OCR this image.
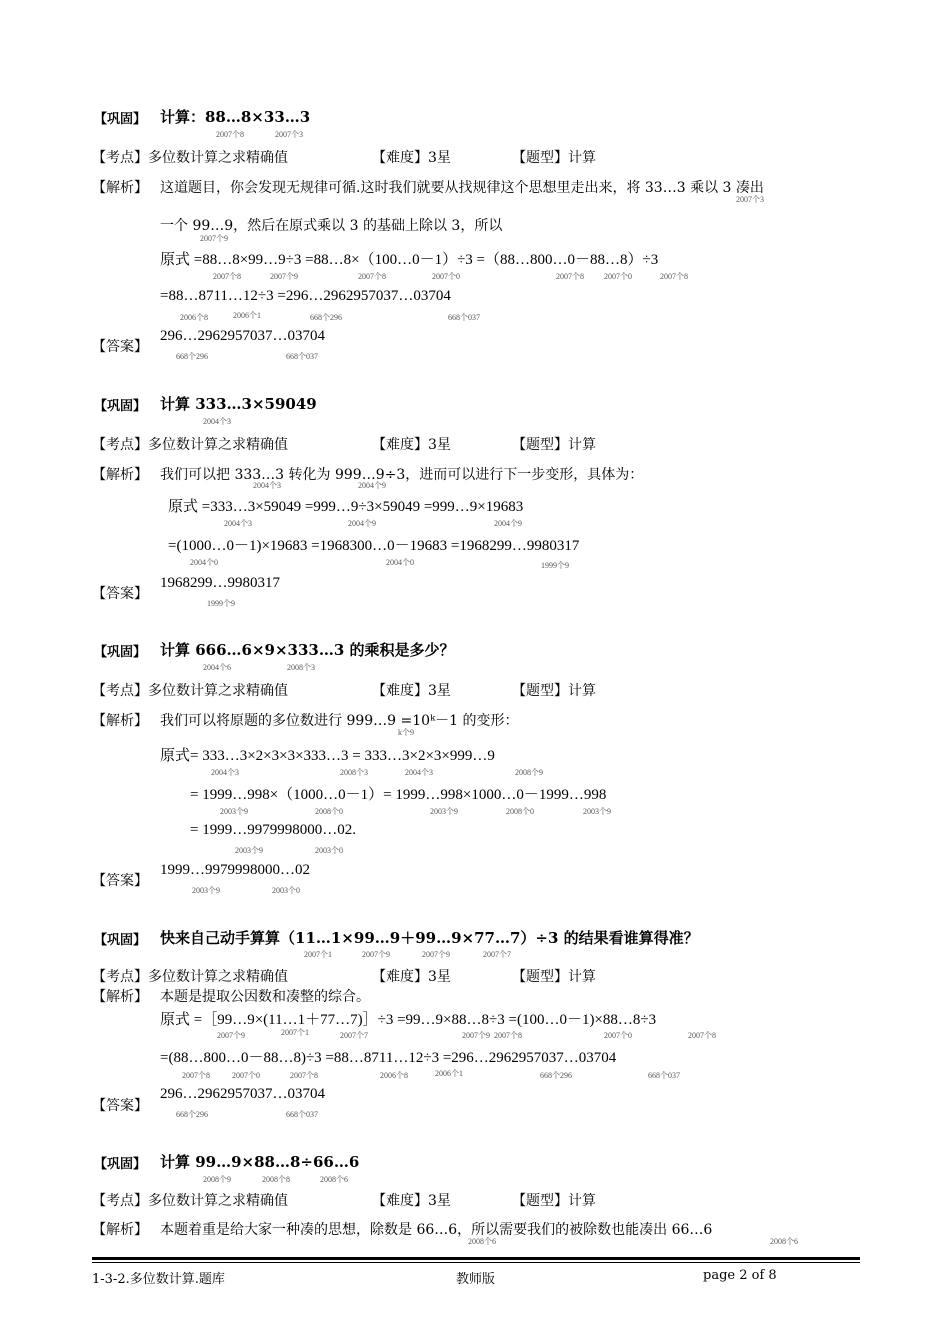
【巩固】 计算：88…8×33…3
2007个8	2007个3
【考点】多位数计算之求精确值	【难度】3星	【题型】计算
【解析】 这道题目，你会发现无规律可循.这时我们就要从找规律这个思想里走出来，将 33…3 乘以 3 凑出
2007个3
一个 99…9，然后在原式乘以 3 的基础上除以 3，所以
2007个9
原式 =88…8×99…9÷3 =88…8×（100…0－1）÷3 =（88…800…0－88…8）÷3
2007个8	2007个9	2007个8	2007个0	2007个8	2007个0	2007个8
=88…8711…12÷3 =296…2962957037…03704
2006个8	2006个1	668个296	668个037
【答案】
296…2962957037…03704
668个296	668个037
【巩固】 计算 333…3×59049
2004个3
【考点】多位数计算之求精确值	【难度】3星	【题型】计算
【解析】 我们可以把 333…3 转化为 999…9÷3，进而可以进行下一步变形，具体为：
2004个3	2004个9
原式 =333…3×59049 =999…9÷3×59049 =999…9×19683
2004个3	2004个9	2004个9
=(1000…0－1)×19683 =1968300…0－19683 =1968299…9980317
2004个0	2004个0	1999个9
【答案】
1968299…9980317
1999个9
【巩固】 计算 666…6×9×333…3 的乘积是多少？
2004个6	2008个3
【考点】多位数计算之求精确值	【难度】3星	【题型】计算
【解析】 我们可以将原题的多位数进行 999…9 =10ᵏ－1 的变形：
k个9
原式= 333…3×2×3×3×333…3 = 333…3×2×3×999…9
2004个3	2008个3	2004个3	2008个9
= 1999…998×（1000…0－1）= 1999…998×1000…0－1999…998
2003个9	2008个0	2003个9	2008个0	2003个9
= 1999…9979998000…02.
2003个9	2003个0
【答案】
1999…9979998000…02
2003个9	2003个0
【巩固】 快来自己动手算算（11…1×99…9＋99…9×77…7）÷3 的结果看谁算得准？
2007个1	2007个9	2007个9	2007个7
【考点】多位数计算之求精确值	【难度】3星	【题型】计算
【解析】 本题是提取公因数和凑整的综合。
原式 =［99…9×(11…1＋77…7)］÷3 =99…9×88…8÷3 =(100…0－1)×88…8÷3
2007个9	2007个1	2007个7	2007个9 2007个8	2007个0	2007个8
=(88…800…0－88…8)÷3 =88…8711…12÷3 =296…2962957037…03704
2007个8	2007个0	2007个8	2006个8	2006个1	668个296	668个037
【答案】
296…2962957037…03704
668个296	668个037
【巩固】 计算 99…9×88…8÷66…6
2008个9	2008个8	2008个6
【考点】多位数计算之求精确值	【难度】3星	【题型】计算
【解析】 本题着重是给大家一种凑的思想，除数是 66…6，所以需要我们的被除数也能凑出 66…6
2008个6	2008个6
1-3-2.多位数计算.题库	教师版	page 2 of 8
